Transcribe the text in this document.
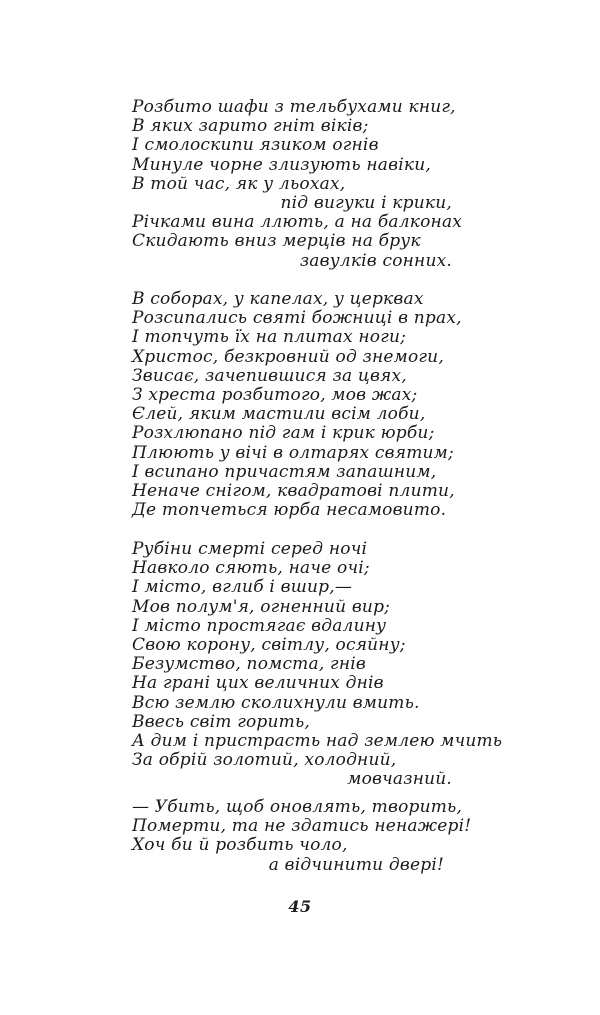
Розбито шафи з тельбухами книг,
В яких зарито гніт віків;
І смолоскипи язиком огнів
Минуле чорне злизують навіки,
В той час, як у льохах,
під вигуки і крики,
Річками вина ллють, а на балконах
Скидають вниз мерців на брук
завулків сонних.
В соборах, у капелах, у церквах
Розсипались святі божниці в прах,
І топчуть їх на плитах ноги;
Христос, безкровний од знемоги,
Звисає, зачепившися за цвях,
З хреста розбитого, мов жах;
Єлей, яким мастили всім лоби,
Розхлюпано під гам і крик юрби;
Плюють у вічі в олтарях святим;
І всипано причастям запашним,
Неначе снігом, квадратові плити,
Де топчеться юрба несамовито.
Рубіни смерті серед ночі
Навколо сяють, наче очі;
І місто, вглиб і вшир,—
Мов полум'я, огненний вир;
І місто простягає вдалину
Свою корону, світлу, осяйну;
Безумство, помста, гнів
На грані цих величних днів
Всю землю сколихнули вмить.
Ввесь світ горить,
А дим і пристрасть над землею мчить
За обрій золотий, холодний,
мовчазний.
— Убить, щоб оновлять, творить,
Померти, та не здатись ненажері!
Хоч би й розбить чоло,
а відчинити двері!
45
